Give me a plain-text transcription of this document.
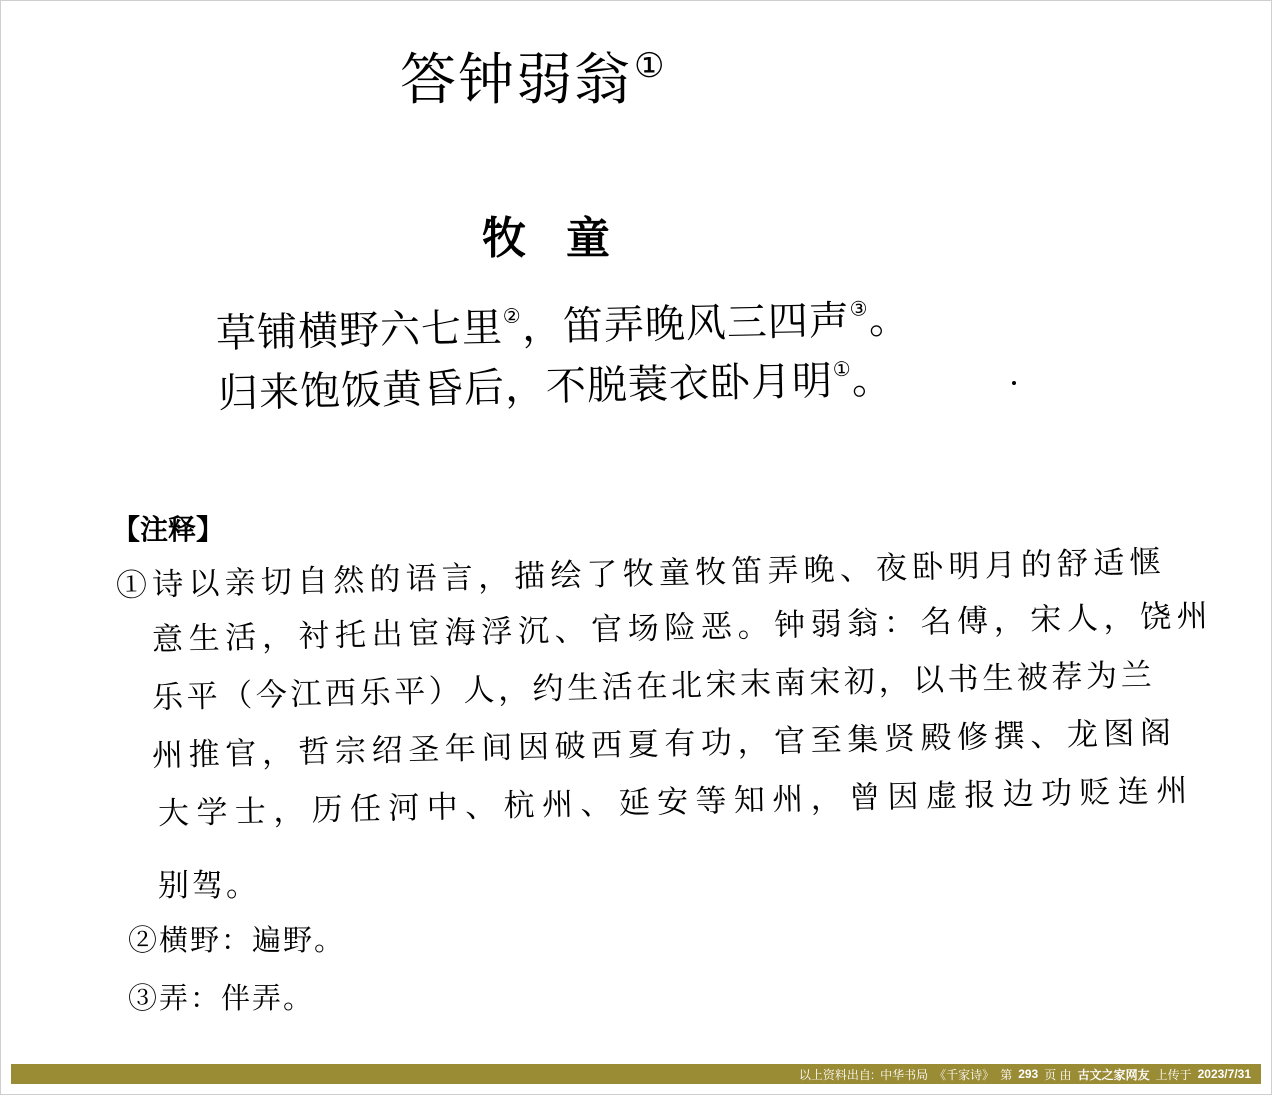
答钟弱翁①
牧童
草铺横野六七里②，笛弄晚风三四声③。
归来饱饭黄昏后，不脱蓑衣卧月明①。
【注释】
①诗以亲切自然的语言，描绘了牧童牧笛弄晚、夜卧明月的舒适惬
意生活，衬托出宦海浮沉、官场险恶。钟弱翁：名傅，宋人，饶州
乐平（今江西乐平）人，约生活在北宋末南宋初，以书生被荐为兰
州推官，哲宗绍圣年间因破西夏有功，官至集贤殿修撰、龙图阁
大学士，历任河中、杭州、延安等知州，曾因虚报边功贬连州
别驾。
②横野：遍野。
③弄：伴弄。
以上资料出自: 中华书局 《千家诗》 第 293 页 由 古文之家网友 上传于 2023/7/31
